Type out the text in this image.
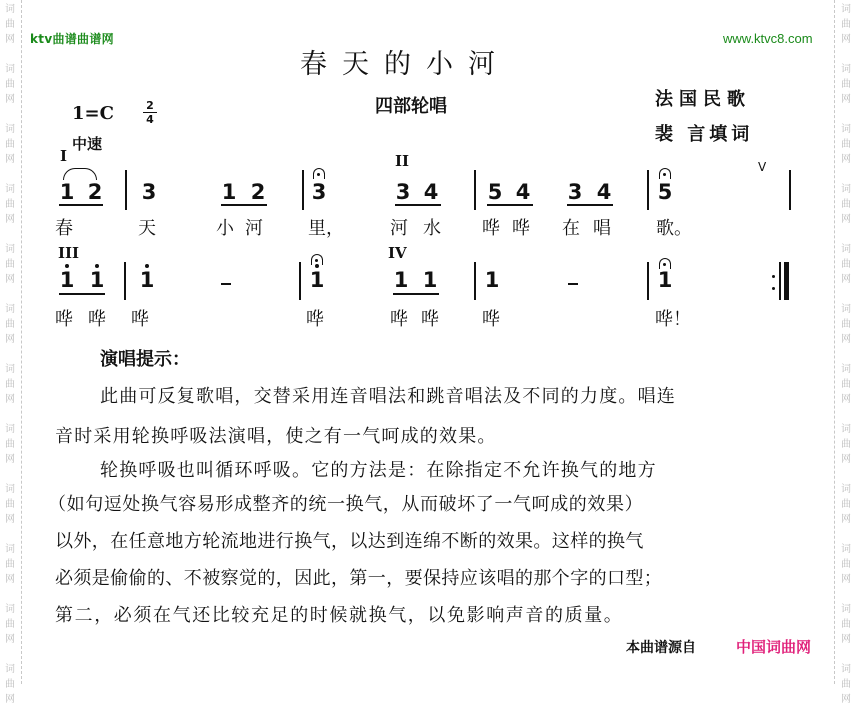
词
曲
网
词
曲
网
词
曲
网
词
曲
网
词
曲
网
词
曲
网
词
曲
网
词
曲
网
词
曲
网
词
曲
网
词
曲
网
词
曲
网
词
曲
网
词
曲
网
词
曲
网
词
曲
网
词
曲
网
词
曲
网
词
曲
网
词
曲
网
词
曲
网
词
曲
网
词
曲
网
词
曲
网
ktv曲谱曲谱网	www.ktvc8.com
春天的小河
四部轮唱	法国民歌
裴 言填词
1=C	2
4
中速
I
1 2 3	1 2 3
II
3 4 5 4 3 4 5
V
春	天	小 河	里，	河 水 哗 哗 在 唱	歌。
III
1 1 1	1
IV
1 1 1	1
哗 哗 哗	哗	哗 哗 哗	哗！
演唱提示：
此曲可反复歌唱，交替采用连音唱法和跳音唱法及不同的力度。唱连
音时采用轮换呼吸法演唱，使之有一气呵成的效果。
轮换呼吸也叫循环呼吸。它的方法是：在除指定不允许换气的地方
（如句逗处换气容易形成整齐的统一换气，从而破坏了一气呵成的效果）
以外，在任意地方轮流地进行换气，以达到连绵不断的效果。这样的换气
必须是偷偷的、不被察觉的，因此，第一，要保持应该唱的那个字的口型；
第二，必须在气还比较充足的时候就换气，以免影响声音的质量。
本曲谱源自	中国词曲网
